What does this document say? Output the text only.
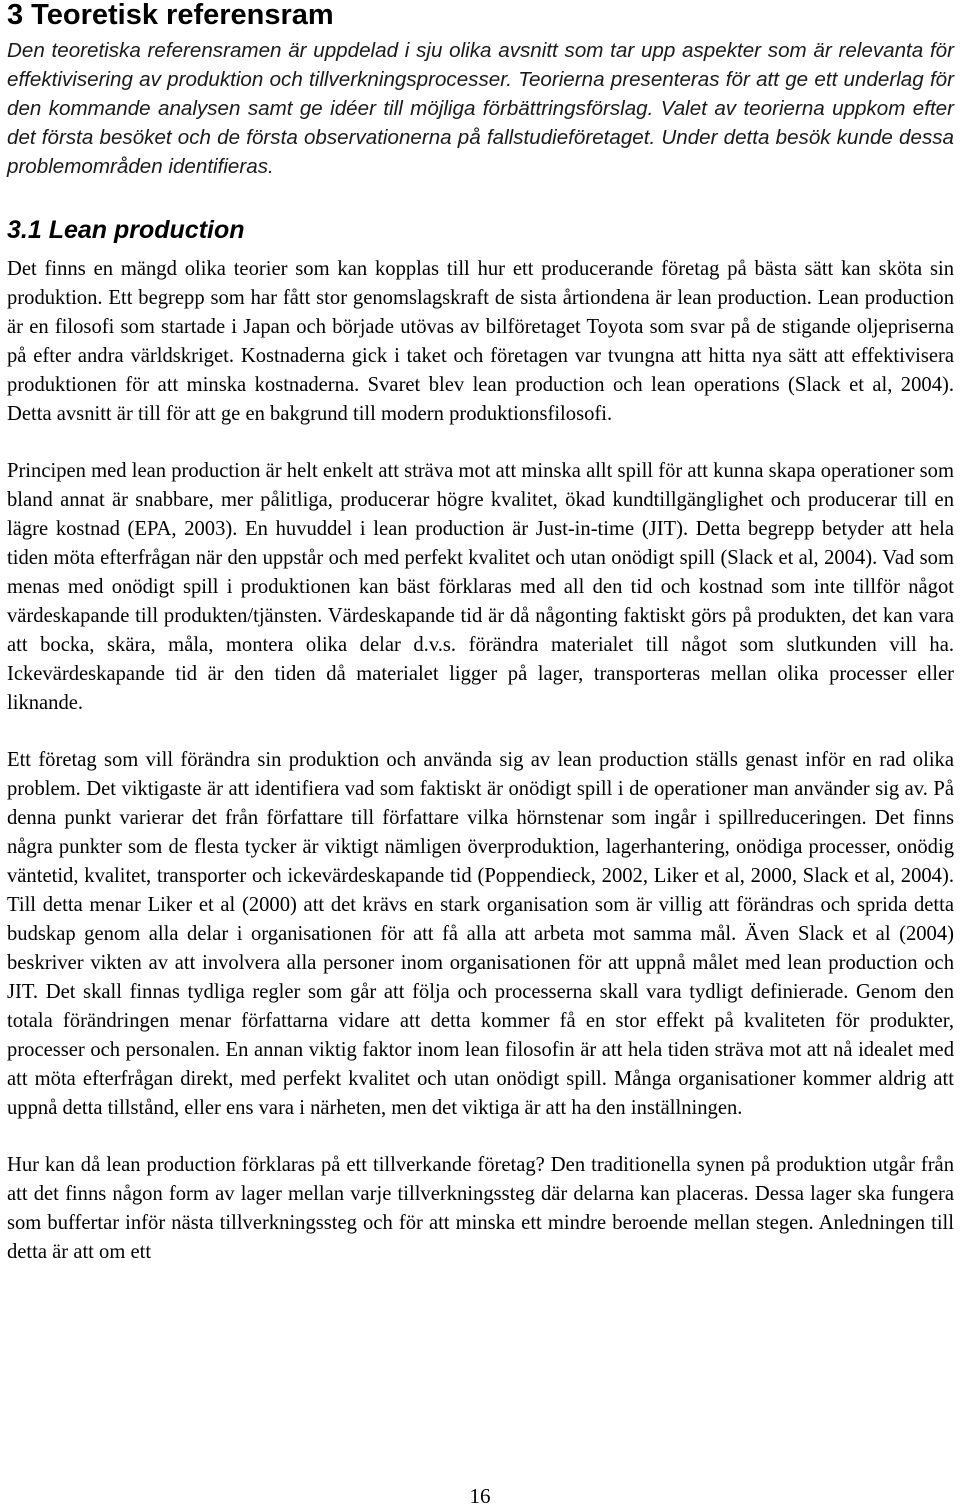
3 Teoretisk referensram

Den teoretiska referensramen är uppdelad i sju olika avsnitt som tar upp aspekter som är relevanta för effektivisering av produktion och tillverkningsprocesser. Teorierna presenteras för att ge ett underlag för den kommande analysen samt ge idéer till möjliga förbättringsförslag. Valet av teorierna uppkom efter det första besöket och de första observationerna på fallstudieföretaget. Under detta besök kunde dessa problemområden identifieras.

3.1 Lean production

Det finns en mängd olika teorier som kan kopplas till hur ett producerande företag på bästa sätt kan sköta sin produktion. Ett begrepp som har fått stor genomslagskraft de sista årtiondena är lean production. Lean production är en filosofi som startade i Japan och började utövas av bilföretaget Toyota som svar på de stigande oljepriserna på efter andra världskriget. Kostnaderna gick i taket och företagen var tvungna att hitta nya sätt att effektivisera produktionen för att minska kostnaderna. Svaret blev lean production och lean operations (Slack et al, 2004). Detta avsnitt är till för att ge en bakgrund till modern produktionsfilosofi.

Principen med lean production är helt enkelt att sträva mot att minska allt spill för att kunna skapa operationer som bland annat är snabbare, mer pålitliga, producerar högre kvalitet, ökad kundtillgänglighet och producerar till en lägre kostnad (EPA, 2003). En huvuddel i lean production är Just-in-time (JIT). Detta begrepp betyder att hela tiden möta efterfrågan när den uppstår och med perfekt kvalitet och utan onödigt spill (Slack et al, 2004). Vad som menas med onödigt spill i produktionen kan bäst förklaras med all den tid och kostnad som inte tillför något värdeskapande till produkten/tjänsten. Värdeskapande tid är då någonting faktiskt görs på produkten, det kan vara att bocka, skära, måla, montera olika delar d.v.s. förändra materialet till något som slutkunden vill ha. Ickevärdeskapande tid är den tiden då materialet ligger på lager, transporteras mellan olika processer eller liknande.

Ett företag som vill förändra sin produktion och använda sig av lean production ställs genast inför en rad olika problem. Det viktigaste är att identifiera vad som faktiskt är onödigt spill i de operationer man använder sig av. På denna punkt varierar det från författare till författare vilka hörnstenar som ingår i spillreduceringen. Det finns några punkter som de flesta tycker är viktigt nämligen överproduktion, lagerhantering, onödiga processer, onödig väntetid, kvalitet, transporter och ickevärdeskapande tid (Poppendieck, 2002, Liker et al, 2000, Slack et al, 2004). Till detta menar Liker et al (2000) att det krävs en stark organisation som är villig att förändras och sprida detta budskap genom alla delar i organisationen för att få alla att arbeta mot samma mål. Även Slack et al (2004) beskriver vikten av att involvera alla personer inom organisationen för att uppnå målet med lean production och JIT. Det skall finnas tydliga regler som går att följa och processerna skall vara tydligt definierade. Genom den totala förändringen menar författarna vidare att detta kommer få en stor effekt på kvaliteten för produkter, processer och personalen. En annan viktig faktor inom lean filosofin är att hela tiden sträva mot att nå idealet med att möta efterfrågan direkt, med perfekt kvalitet och utan onödigt spill. Många organisationer kommer aldrig att uppnå detta tillstånd, eller ens vara i närheten, men det viktiga är att ha den inställningen.

Hur kan då lean production förklaras på ett tillverkande företag? Den traditionella synen på produktion utgår från att det finns någon form av lager mellan varje tillverkningssteg där delarna kan placeras. Dessa lager ska fungera som buffertar inför nästa tillverkningssteg och för att minska ett mindre beroende mellan stegen. Anledningen till detta är att om ett

16
